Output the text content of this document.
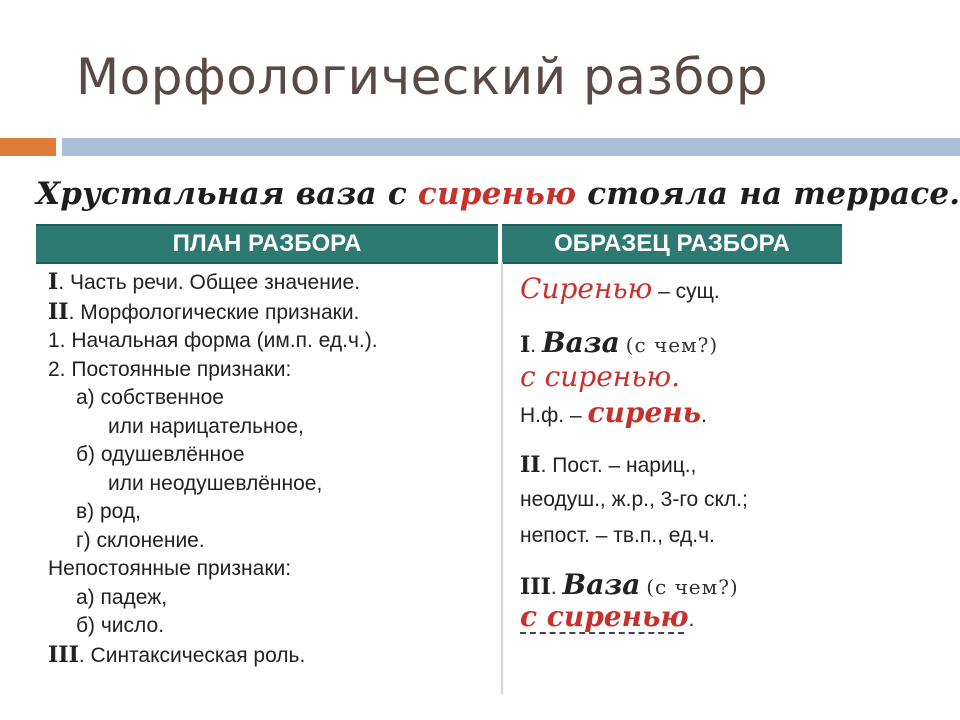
Морфологический разбор
Хрустальная ваза с сиренью стояла на террасе.
ПЛАН РАЗБОРА	ОБРАЗЕЦ РАЗБОРА
I. Часть речи. Общее значение.
II. Морфологические признаки.
1. Начальная форма (им.п. ед.ч.).
2. Постоянные признаки:
а) собственное
или нарицательное,
б) одушевлённое
или неодушевлённое,
в) род,
г) склонение.
Непостоянные признаки:
а) падеж,
б) число.
III. Синтаксическая роль.
Сиренью – сущ.
I. Ваза (с чем?)
с сиренью.
Н.ф. – сирень.
II. Пост. – нариц.,
неодуш., ж.р., 3-го скл.;
непост. – тв.п., ед.ч.
III. Ваза (с чем?)
с сиренью.
